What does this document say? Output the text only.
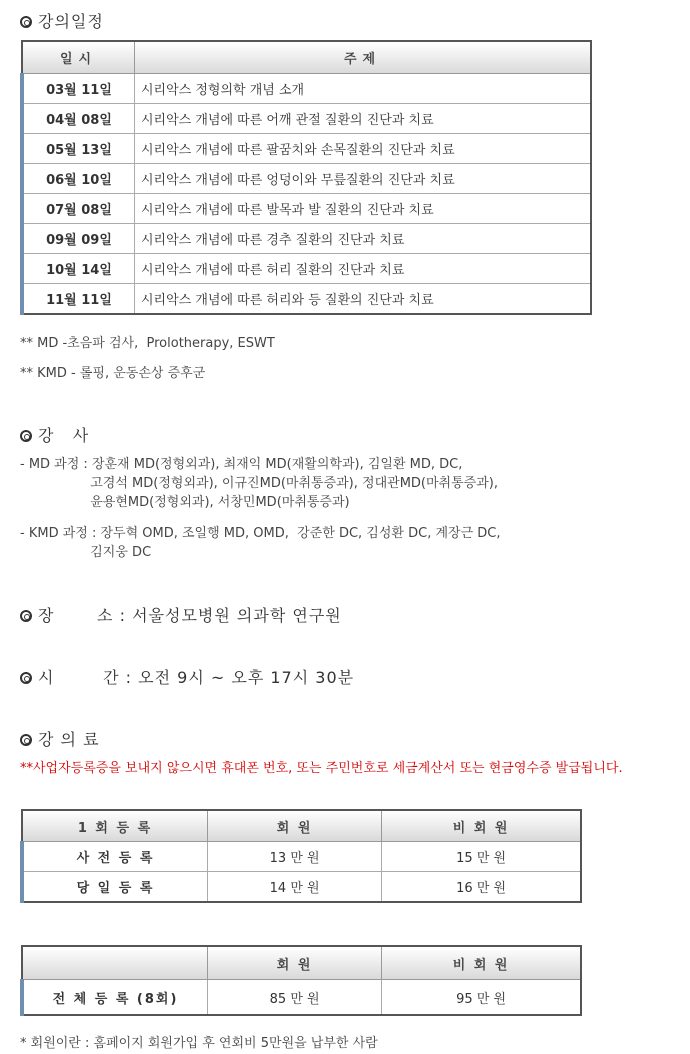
강의일정
일시	주제
03월 11일	시리악스 정형의학 개념 소개
04월 08일	시리악스 개념에 따른 어깨 관절 질환의 진단과 치료
05월 13일	시리악스 개념에 따른 팔꿈치와 손목질환의 진단과 치료
06월 10일	시리악스 개념에 따른 엉덩이와 무릎질환의 진단과 치료
07월 08일	시리악스 개념에 따른 발목과 발 질환의 진단과 치료
09월 09일	시리악스 개념에 따른 경추 질환의 진단과 치료
10월 14일	시리악스 개념에 따른 허리 질환의 진단과 치료
11월 11일	시리악스 개념에 따른 허리와 등 질환의 진단과 치료
** MD -초음파 검사,  Prolotherapy, ESWT
** KMD - 롤핑, 운동손상 증후군
강   사
- MD 과정 : 장훈재 MD(정형외과), 최재익 MD(재활의학과), 김일환 MD, DC,
고경석 MD(정형외과), 이규진MD(마취통증과), 정대관MD(마취통증과),
윤용현MD(정형외과), 서창민MD(마취통증과)
- KMD 과정 : 장두혁 OMD, 조일행 MD, OMD,  강준한 DC, 김성환 DC, 계장근 DC,
김지웅 DC
장       소 : 서울성모병원 의과학 연구원
시        간 : 오전 9시 ~ 오후 17시 30분
강 의 료
**사업자등록증을 보내지 않으시면 휴대폰 번호, 또는 주민번호로 세금계산서 또는 현금영수증 발급됩니다.
1 회 등 록	회 원	비 회 원
사 전 등 록	13 만 원	15 만 원
당 일 등 록	14 만 원	16 만 원
	회 원	비 회 원
전 체 등 록 (8회)	85 만 원	95 만 원
* 회원이란 : 홈페이지 회원가입 후 연회비 5만원을 납부한 사람
